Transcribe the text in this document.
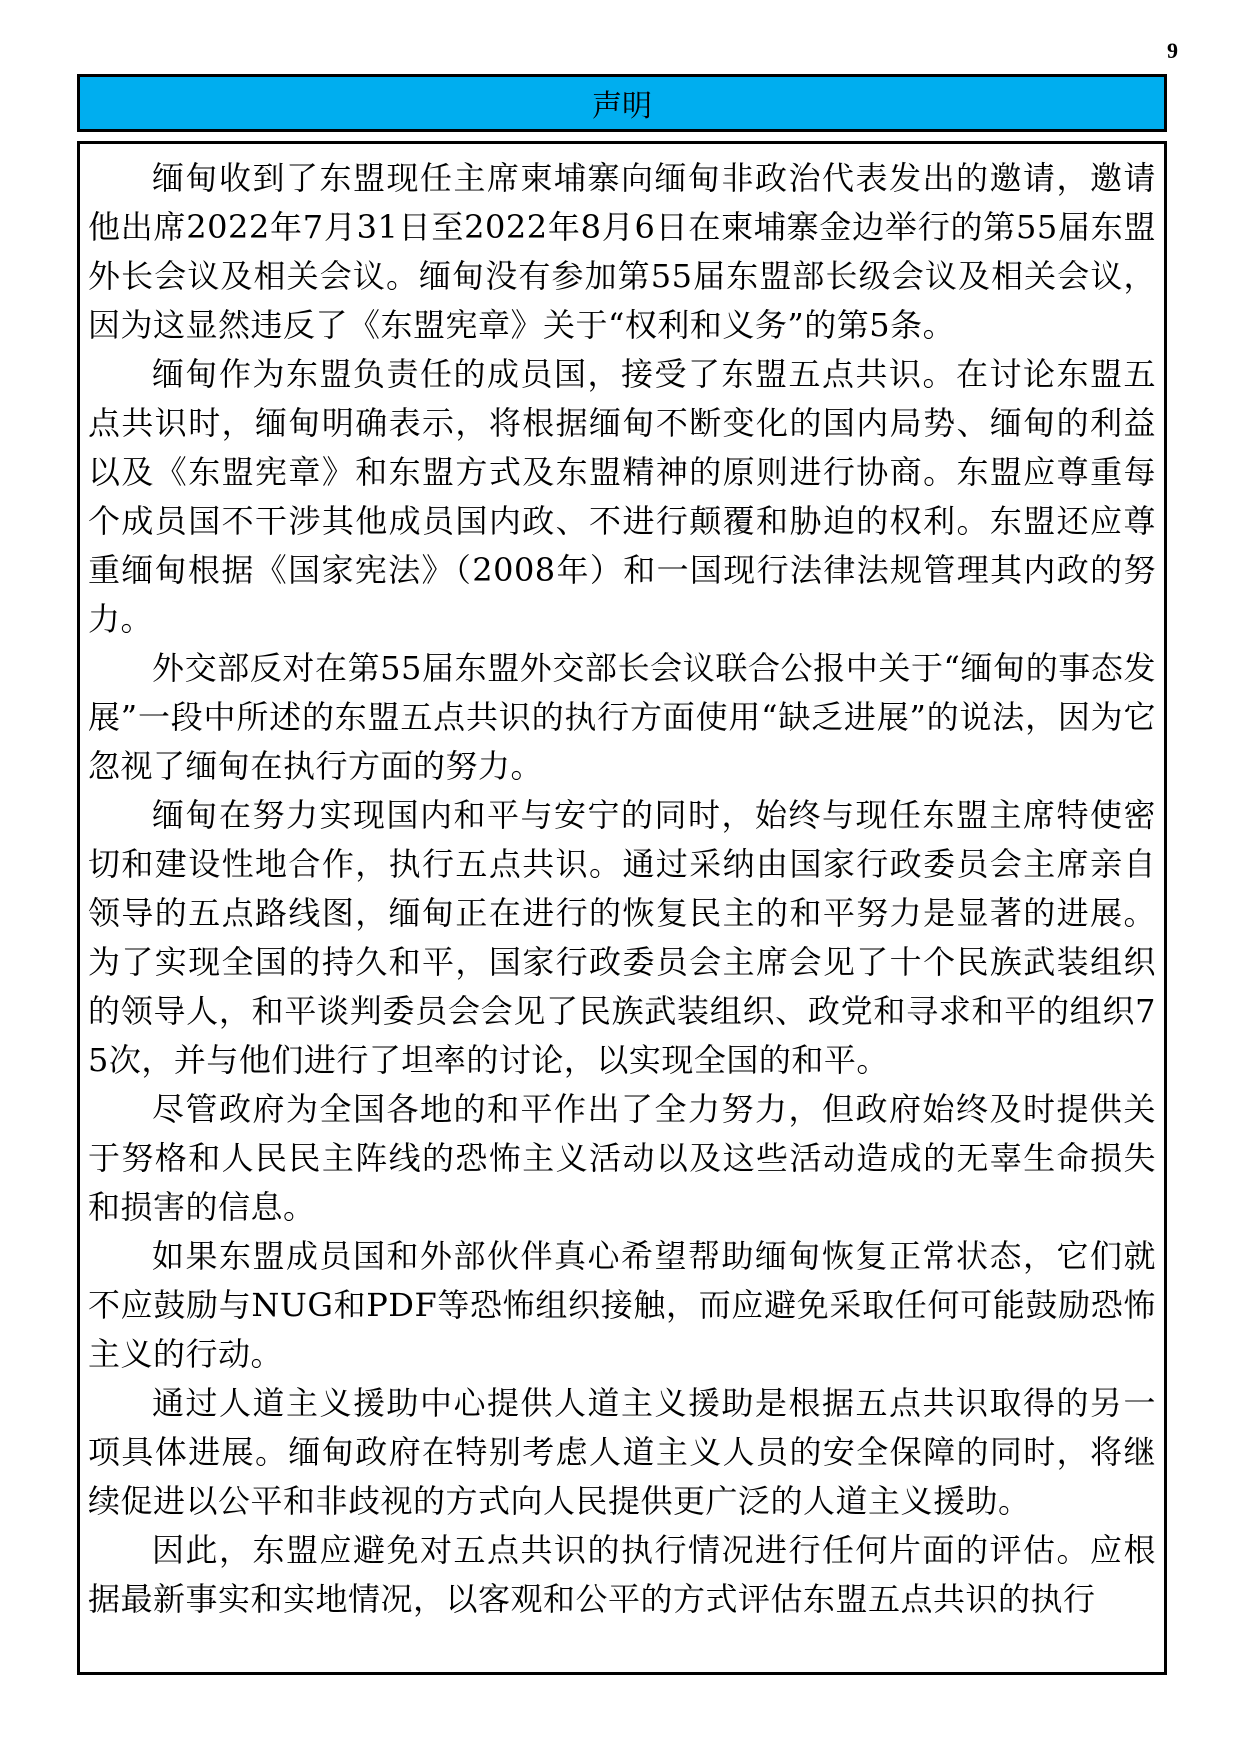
9
声明

缅甸收到了东盟现任主席柬埔寨向缅甸非政治代表发出的邀请，邀请他出席2022年7月31日至2022年8月6日在柬埔寨金边举行的第55届东盟外长会议及相关会议。缅甸没有参加第55届东盟部长级会议及相关会议，因为这显然违反了《东盟宪章》关于“权利和义务”的第5条。

缅甸作为东盟负责任的成员国，接受了东盟五点共识。在讨论东盟五点共识时，缅甸明确表示，将根据缅甸不断变化的国内局势、缅甸的利益以及《东盟宪章》和东盟方式及东盟精神的原则进行协商。东盟应尊重每个成员国不干涉其他成员国内政、不进行颠覆和胁迫的权利。东盟还应尊重缅甸根据《国家宪法》（2008年）和一国现行法律法规管理其内政的努力。

外交部反对在第55届东盟外交部长会议联合公报中关于“缅甸的事态发展”一段中所述的东盟五点共识的执行方面使用“缺乏进展”的说法，因为它忽视了缅甸在执行方面的努力。

缅甸在努力实现国内和平与安宁的同时，始终与现任东盟主席特使密切和建设性地合作，执行五点共识。通过采纳由国家行政委员会主席亲自领导的五点路线图，缅甸正在进行的恢复民主的和平努力是显著的进展。为了实现全国的持久和平，国家行政委员会主席会见了十个民族武装组织的领导人，和平谈判委员会会见了民族武装组织、政党和寻求和平的组织75次，并与他们进行了坦率的讨论，以实现全国的和平。

尽管政府为全国各地的和平作出了全力努力，但政府始终及时提供关于努格和人民民主阵线的恐怖主义活动以及这些活动造成的无辜生命损失和损害的信息。

如果东盟成员国和外部伙伴真心希望帮助缅甸恢复正常状态，它们就不应鼓励与NUG和PDF等恐怖组织接触，而应避免采取任何可能鼓励恐怖主义的行动。

通过人道主义援助中心提供人道主义援助是根据五点共识取得的另一项具体进展。缅甸政府在特别考虑人道主义人员的安全保障的同时，将继续促进以公平和非歧视的方式向人民提供更广泛的人道主义援助。

因此，东盟应避免对五点共识的执行情况进行任何片面的评估。应根据最新事实和实地情况，以客观和公平的方式评估东盟五点共识的执行
